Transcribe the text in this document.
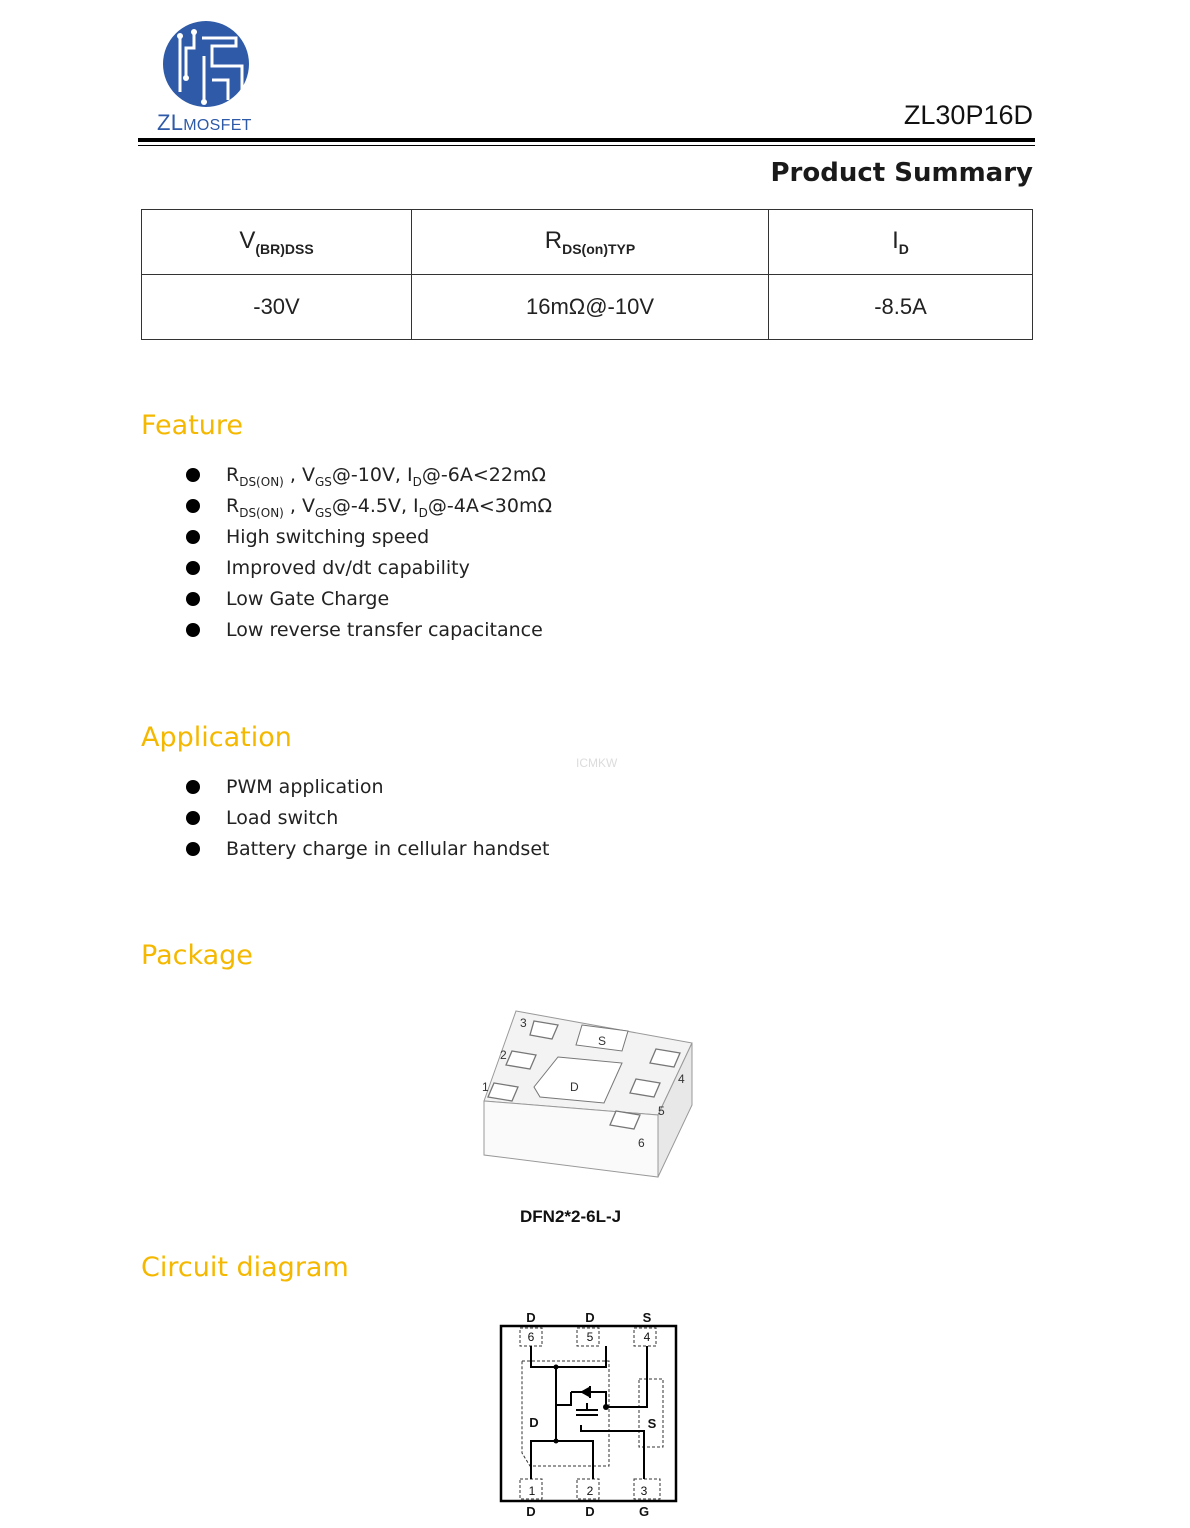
ZLMOSFET	ZL30P16D
Product Summary
$V_{(BR)DSS}$	$R_{DS(on)TYP}$	$I_D$
-30V	16mΩ@-10V	-8.5A
Feature
$R_{DS(ON)}$ , $V_{GS}@-10V$, $I_D@-6A<22m\Omega$
$R_{DS(ON)}$ , $V_{GS}@-4.5V$, $I_D@-4A<30m\Omega$
High switching speed
Improved dv/dt capability
Low Gate Charge
Low reverse transfer capacitance
Application
ICMKW
PWM application
Load switch
Battery charge in cellular handset
Package
1
2
3
4
5
6
S
D
DFN2*2-6L-J
Circuit diagram
D	D	S
D	D	G
D	S
6	5	4
1	2	3
